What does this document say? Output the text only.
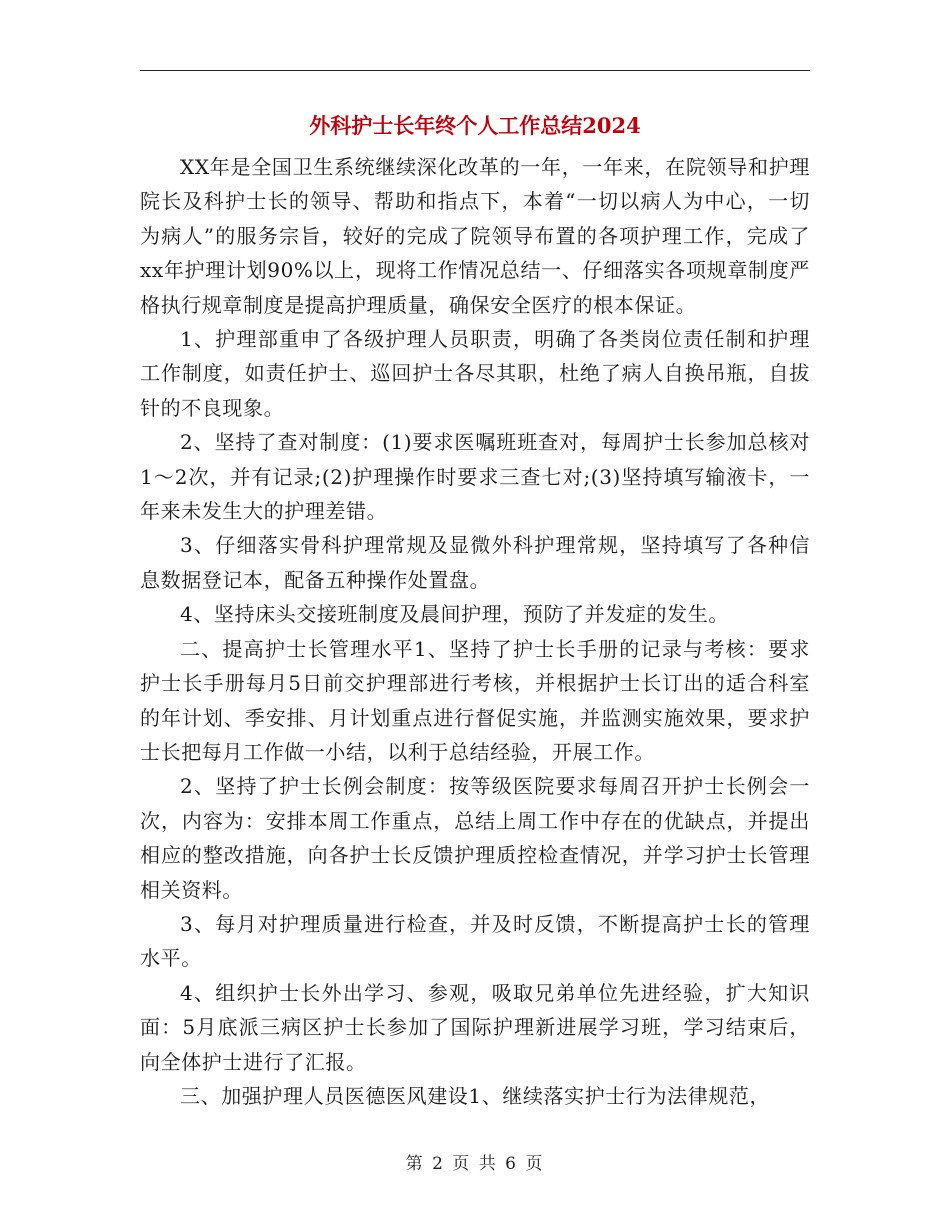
外科护士长年终个人工作总结2024

XX年是全国卫生系统继续深化改革的一年，一年来，在院领导和护理院长及科护士长的领导、帮助和指点下，本着“一切以病人为中心，一切为病人”的服务宗旨，较好的完成了院领导布置的各项护理工作，完成了xx年护理计划90%以上，现将工作情况总结一、仔细落实各项规章制度严格执行规章制度是提高护理质量，确保安全医疗的根本保证。

1、护理部重申了各级护理人员职责，明确了各类岗位责任制和护理工作制度，如责任护士、巡回护士各尽其职，杜绝了病人自换吊瓶，自拔针的不良现象。

2、坚持了查对制度：(1)要求医嘱班班查对，每周护士长参加总核对1～2次，并有记录;(2)护理操作时要求三查七对;(3)坚持填写输液卡，一年来未发生大的护理差错。

3、仔细落实骨科护理常规及显微外科护理常规，坚持填写了各种信息数据登记本，配备五种操作处置盘。

4、坚持床头交接班制度及晨间护理，预防了并发症的发生。

二、提高护士长管理水平1、坚持了护士长手册的记录与考核：要求护士长手册每月5日前交护理部进行考核，并根据护士长订出的适合科室的年计划、季安排、月计划重点进行督促实施，并监测实施效果，要求护士长把每月工作做一小结，以利于总结经验，开展工作。

2、坚持了护士长例会制度：按等级医院要求每周召开护士长例会一次，内容为：安排本周工作重点，总结上周工作中存在的优缺点，并提出相应的整改措施，向各护士长反馈护理质控检查情况，并学习护士长管理相关资料。

3、每月对护理质量进行检查，并及时反馈，不断提高护士长的管理水平。

4、组织护士长外出学习、参观，吸取兄弟单位先进经验，扩大知识面：5月底派三病区护士长参加了国际护理新进展学习班，学习结束后，向全体护士进行了汇报。

三、加强护理人员医德医风建设1、继续落实护士行为法律规范，

第 2 页 共 6 页
